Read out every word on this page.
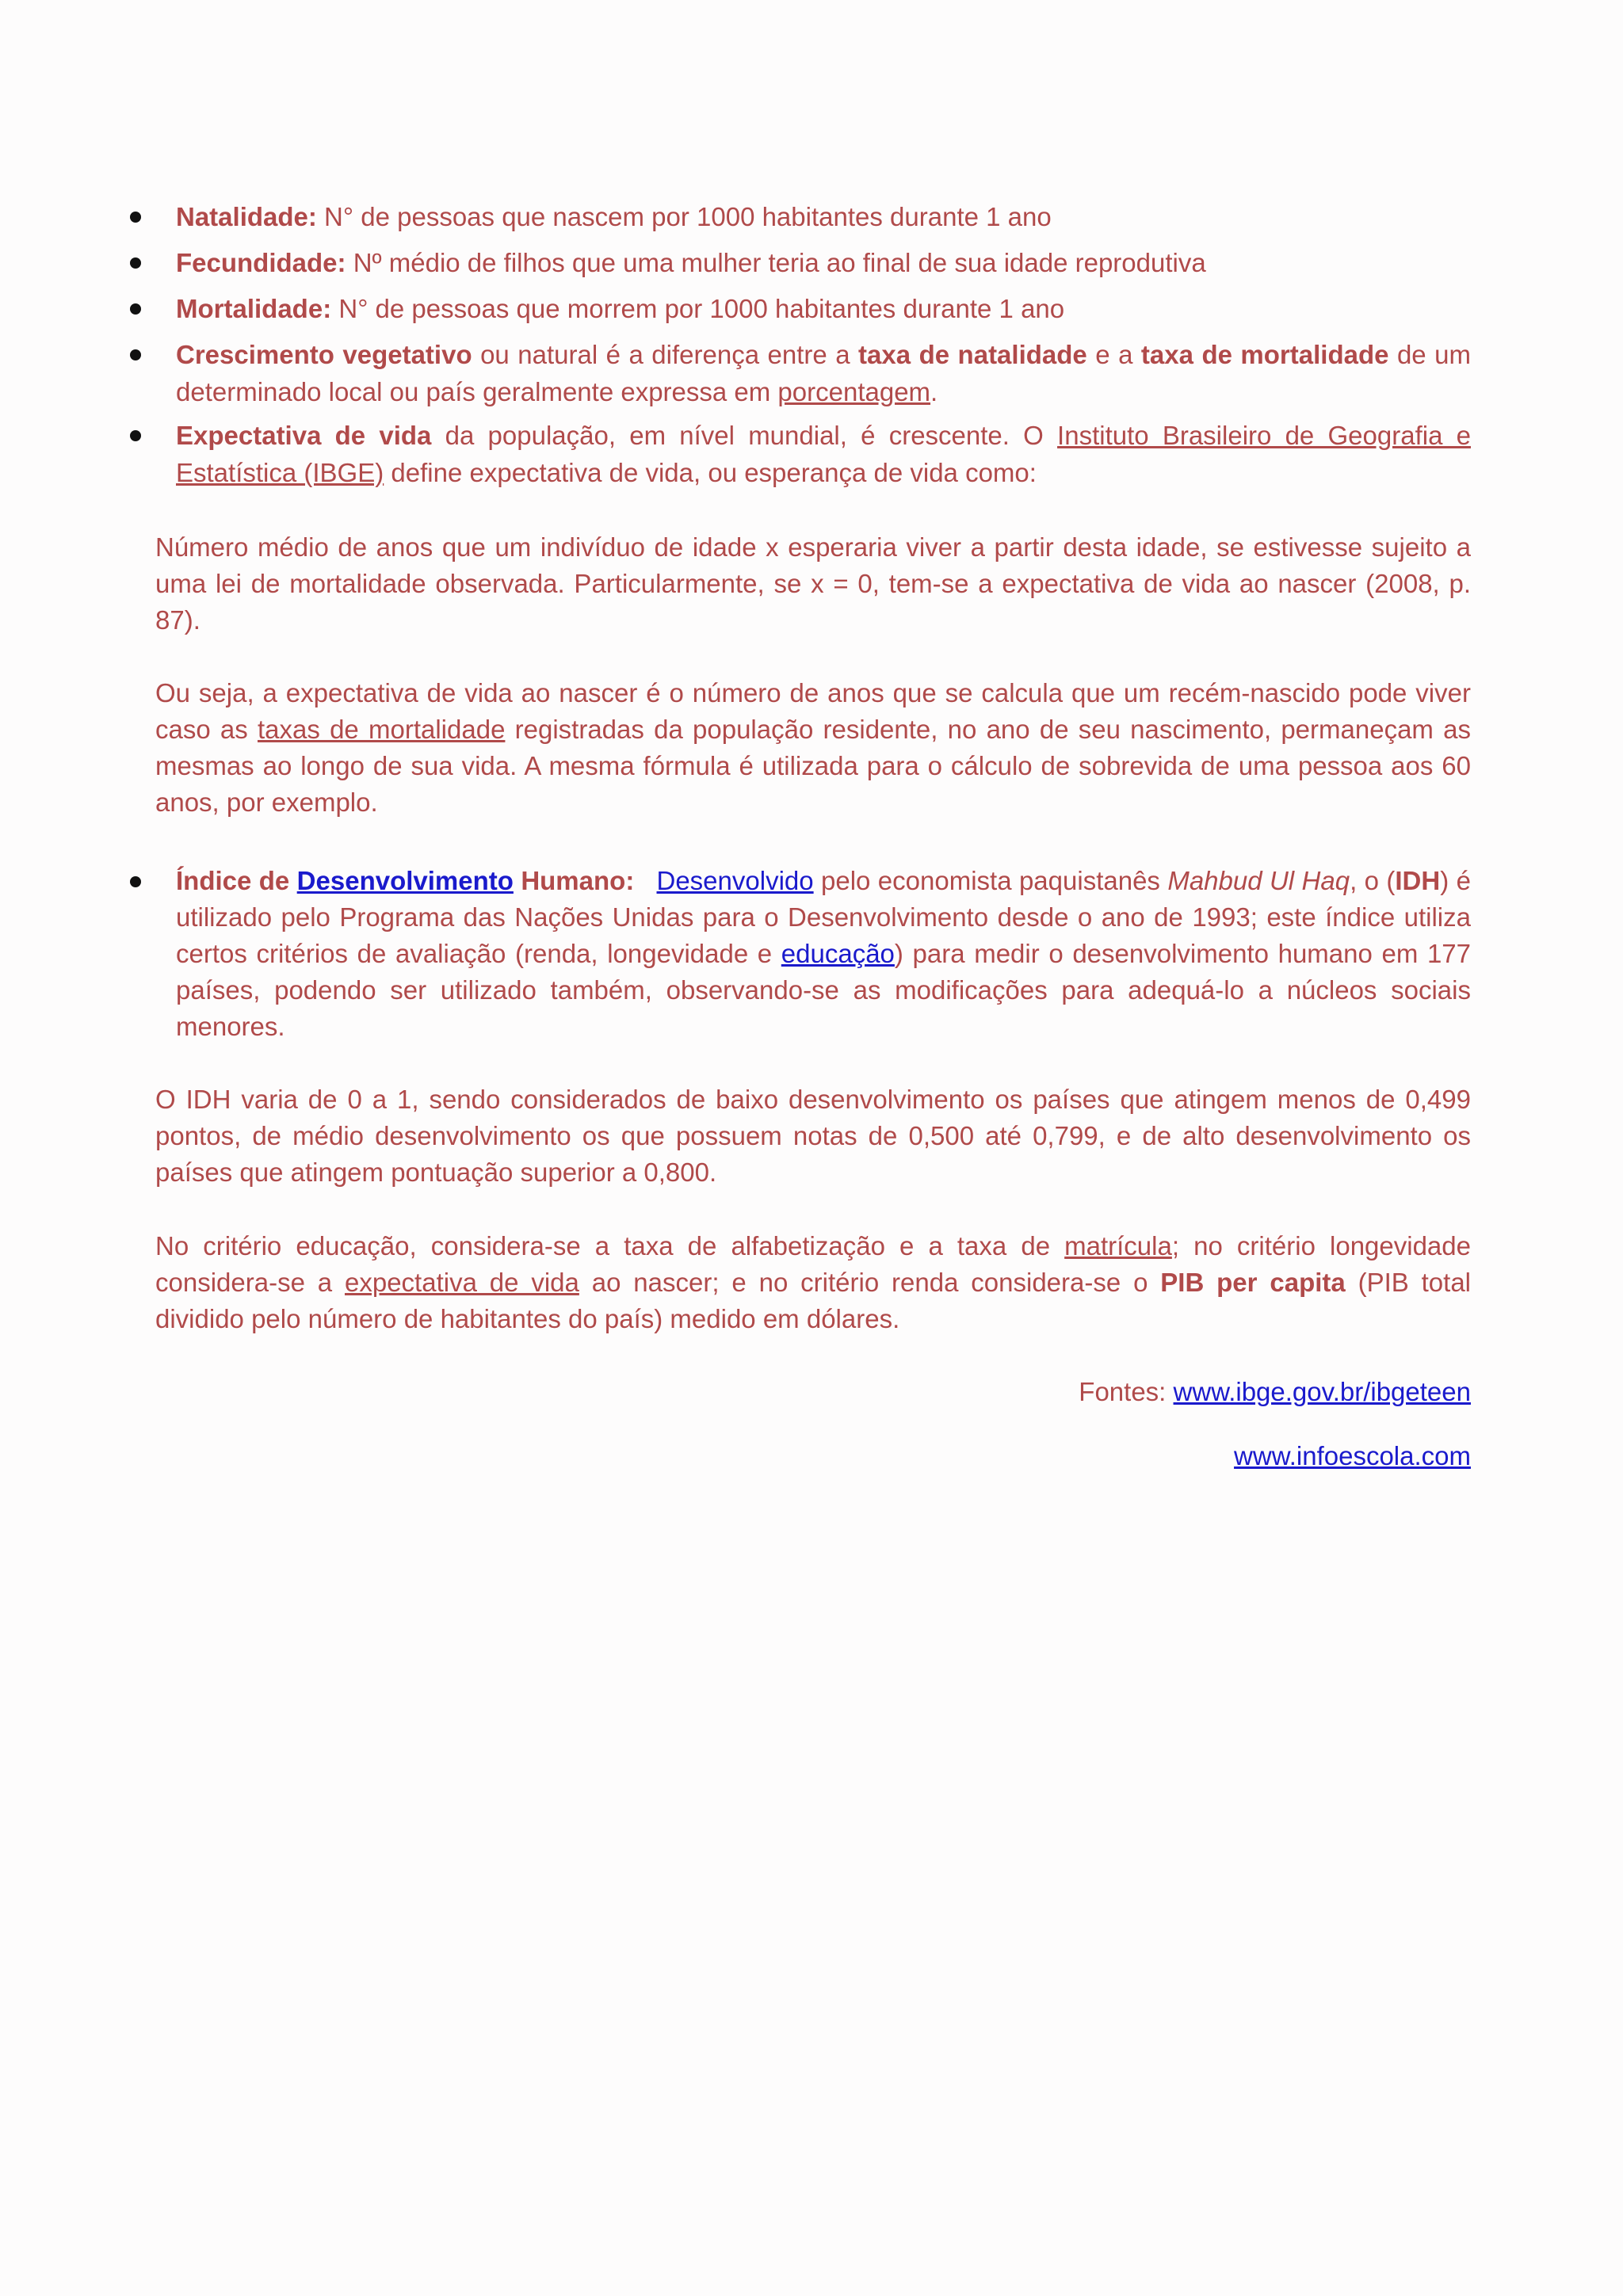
Natalidade: N° de pessoas que nascem por 1000 habitantes durante 1 ano
Fecundidade: Nº médio de filhos que uma mulher teria ao final de sua idade reprodutiva
Mortalidade: N° de pessoas que morrem por 1000 habitantes durante 1 ano
Crescimento vegetativo ou natural é a diferença entre a taxa de natalidade e a taxa de mortalidade de um determinado local ou país geralmente expressa em porcentagem.
Expectativa de vida da população, em nível mundial, é crescente. O Instituto Brasileiro de Geografia e Estatística (IBGE) define expectativa de vida, ou esperança de vida como:
Número médio de anos que um indivíduo de idade x esperaria viver a partir desta idade, se estivesse sujeito a uma lei de mortalidade observada. Particularmente, se x = 0, tem-se a expectativa de vida ao nascer (2008, p. 87).
Ou seja, a expectativa de vida ao nascer é o número de anos que se calcula que um recém-nascido pode viver caso as taxas de mortalidade registradas da população residente, no ano de seu nascimento, permaneçam as mesmas ao longo de sua vida. A mesma fórmula é utilizada para o cálculo de sobrevida de uma pessoa aos 60 anos, por exemplo.
Índice de Desenvolvimento Humano: Desenvolvido pelo economista paquistanês Mahbud Ul Haq, o (IDH) é utilizado pelo Programa das Nações Unidas para o Desenvolvimento desde o ano de 1993; este índice utiliza certos critérios de avaliação (renda, longevidade e educação) para medir o desenvolvimento humano em 177 países, podendo ser utilizado também, observando-se as modificações para adequá-lo a núcleos sociais menores.
O IDH varia de 0 a 1, sendo considerados de baixo desenvolvimento os países que atingem menos de 0,499 pontos, de médio desenvolvimento os que possuem notas de 0,500 até 0,799, e de alto desenvolvimento os países que atingem pontuação superior a 0,800.
No critério educação, considera-se a taxa de alfabetização e a taxa de matrícula; no critério longevidade considera-se a expectativa de vida ao nascer; e no critério renda considera-se o PIB per capita (PIB total dividido pelo número de habitantes do país) medido em dólares.
Fontes: www.ibge.gov.br/ibgeteen
www.infoescola.com
